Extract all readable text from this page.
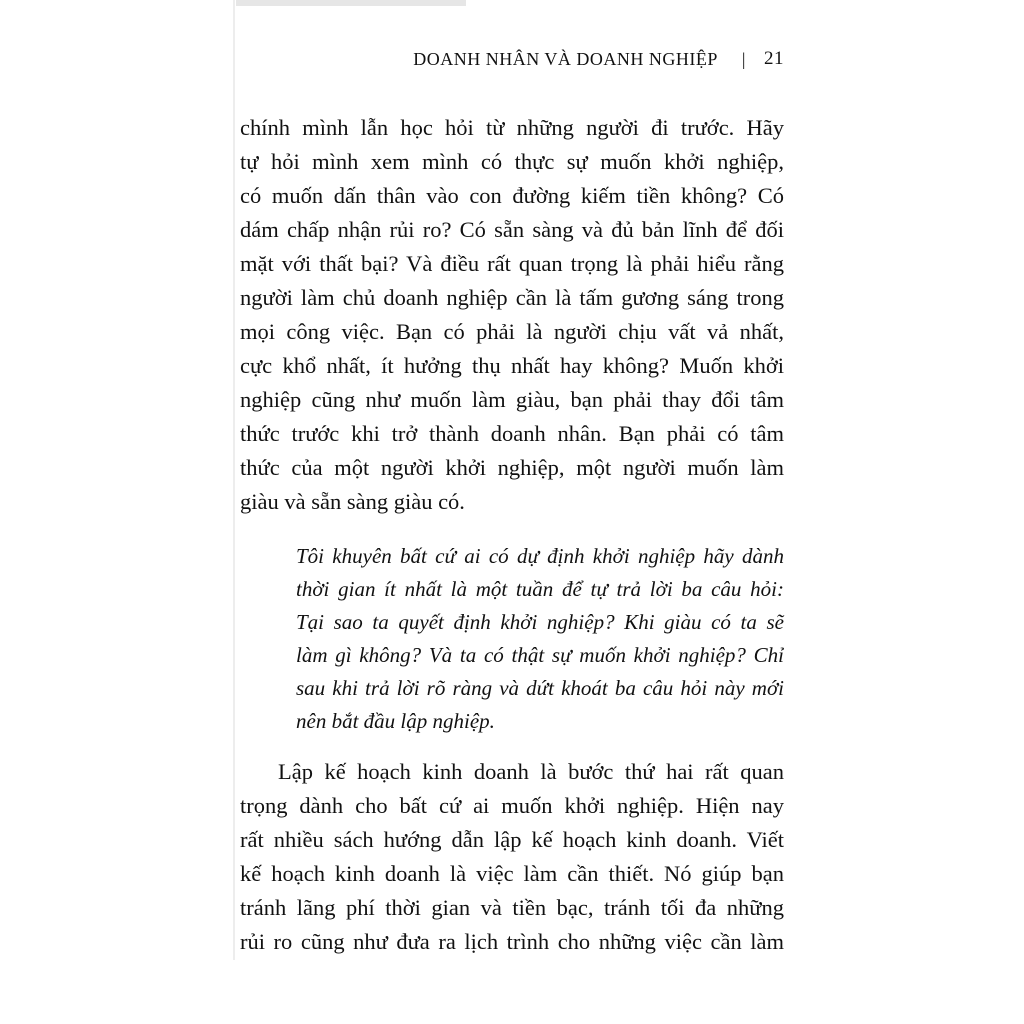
DOANH NHÂN VÀ DOANH NGHIỆP | 21
chính mình lẫn học hỏi từ những người đi trước. Hãy
tự hỏi mình xem mình có thực sự muốn khởi nghiệp,
có muốn dấn thân vào con đường kiếm tiền không? Có
dám chấp nhận rủi ro? Có sẵn sàng và đủ bản lĩnh để đối
mặt với thất bại? Và điều rất quan trọng là phải hiểu rằng
người làm chủ doanh nghiệp cần là tấm gương sáng trong
mọi công việc. Bạn có phải là người chịu vất vả nhất,
cực khổ nhất, ít hưởng thụ nhất hay không? Muốn khởi
nghiệp cũng như muốn làm giàu, bạn phải thay đổi tâm
thức trước khi trở thành doanh nhân. Bạn phải có tâm
thức của một người khởi nghiệp, một người muốn làm
giàu và sẵn sàng giàu có.
Tôi khuyên bất cứ ai có dự định khởi nghiệp hãy dành
thời gian ít nhất là một tuần để tự trả lời ba câu hỏi:
Tại sao ta quyết định khởi nghiệp? Khi giàu có ta sẽ
làm gì không? Và ta có thật sự muốn khởi nghiệp? Chỉ
sau khi trả lời rõ ràng và dứt khoát ba câu hỏi này mới
nên bắt đầu lập nghiệp.
Lập kế hoạch kinh doanh là bước thứ hai rất quan
trọng dành cho bất cứ ai muốn khởi nghiệp. Hiện nay
rất nhiều sách hướng dẫn lập kế hoạch kinh doanh. Viết
kế hoạch kinh doanh là việc làm cần thiết. Nó giúp bạn
tránh lãng phí thời gian và tiền bạc, tránh tối đa những
rủi ro cũng như đưa ra lịch trình cho những việc cần làm
